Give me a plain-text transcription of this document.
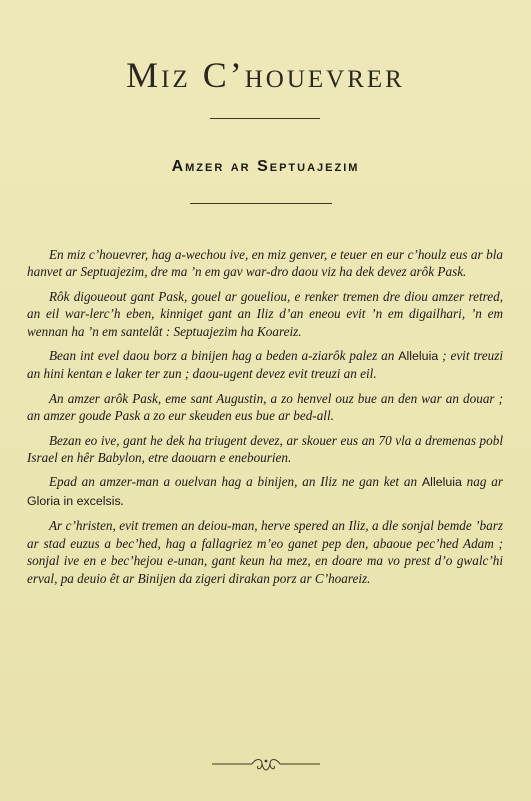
Miz C’houevrer
Amzer ar Septuajezim

En miz c’houevrer, hag a-wechou ive, en miz genver, e teuer en eur c’houlz eus ar bla hanvet ar Septuajezim, dre ma ’n em gav war-dro daou viz ha dek devez arôk Pask.

Rôk digoueout gant Pask, gouel ar goueliou, e renker tremen dre diou amzer retred, an eil war-lerc’h eben, kinniget gant an Iliz d’an eneou evit ’n em digailhari, ’n em wennan ha ’n em santelât : Septuajezim ha Koareiz.

Bean int evel daou borz a binijen hag a beden a-ziarôk palez an Alleluia ; evit treuzi an hini kentan e laker ter zun ; daou-ugent devez evit treuzi an eil.

An amzer arôk Pask, eme sant Augustin, a zo henvel ouz bue an den war an douar ; an amzer goude Pask a zo eur skeuden eus bue ar bed-all.

Bezan eo ive, gant he dek ha triugent devez, ar skouer eus an 70 vla a dremenas pobl Israel en hêr Babylon, etre daouarn e enebourien.

Epad an amzer-man a ouelvan hag a binijen, an Iliz ne gan ket an Alleluia nag ar Gloria in excelsis.

Ar c’hristen, evit tremen an deiou-man, herve spered an Iliz, a dle sonjal bemde ’barz ar stad euzus a bec’hed, hag a fallagriez m’eo ganet pep den, abaoue pec’hed Adam ; sonjal ive en e bec’hejou e-unan, gant keun ha mez, en doare ma vo prest d’o gwalc’hi erval, pa deuio êt ar Binijen da zigeri dirakan porz ar C’hoareiz.
